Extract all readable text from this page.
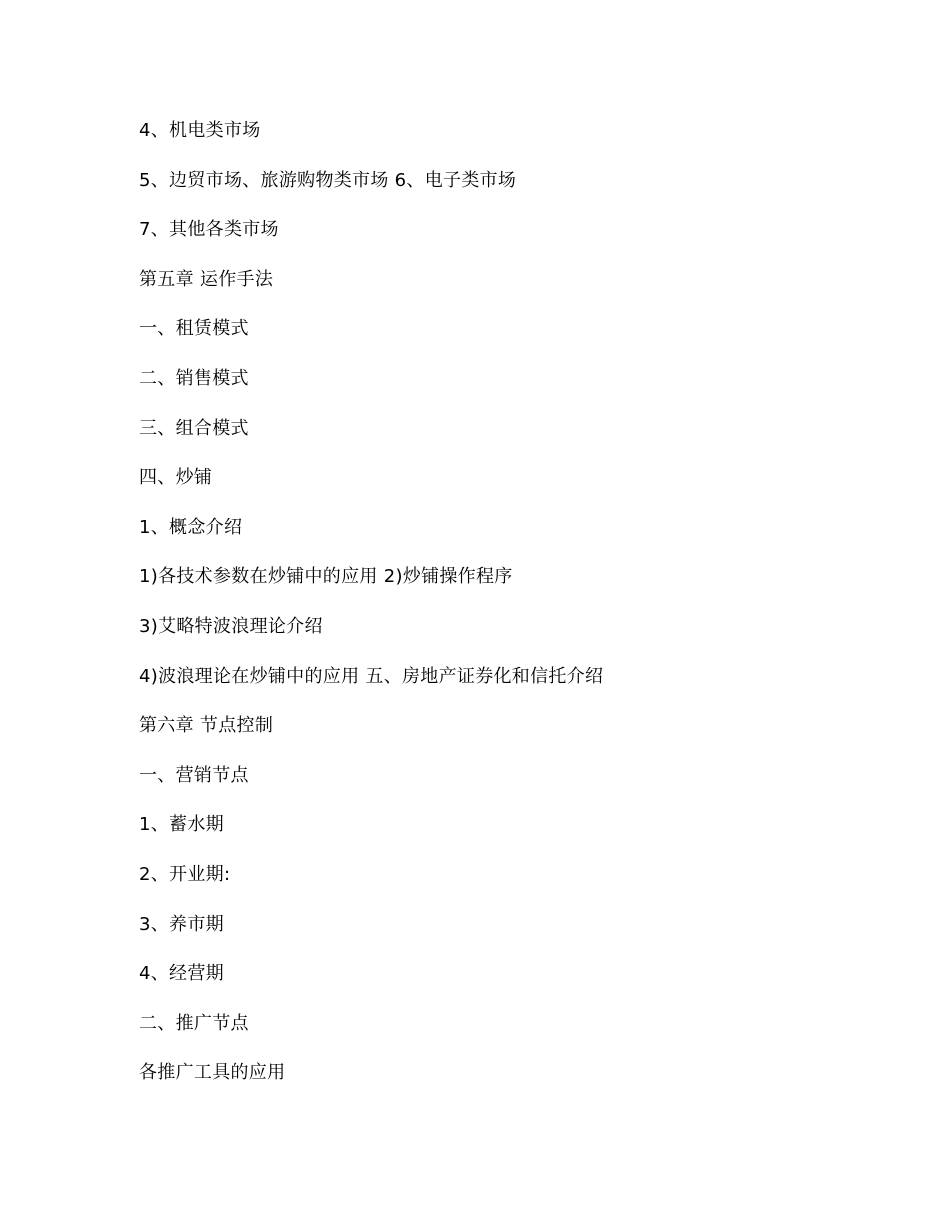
4、机电类市场
5、边贸市场、旅游购物类市场 6、电子类市场
7、其他各类市场
第五章 运作手法
一、租赁模式
二、销售模式
三、组合模式
四、炒铺
1、概念介绍
1)各技术参数在炒铺中的应用 2)炒铺操作程序
3)艾略特波浪理论介绍
4)波浪理论在炒铺中的应用 五、房地产证券化和信托介绍
第六章 节点控制
一、营销节点
1、蓄水期
2、开业期:
3、养市期
4、经营期
二、推广节点
各推广工具的应用
